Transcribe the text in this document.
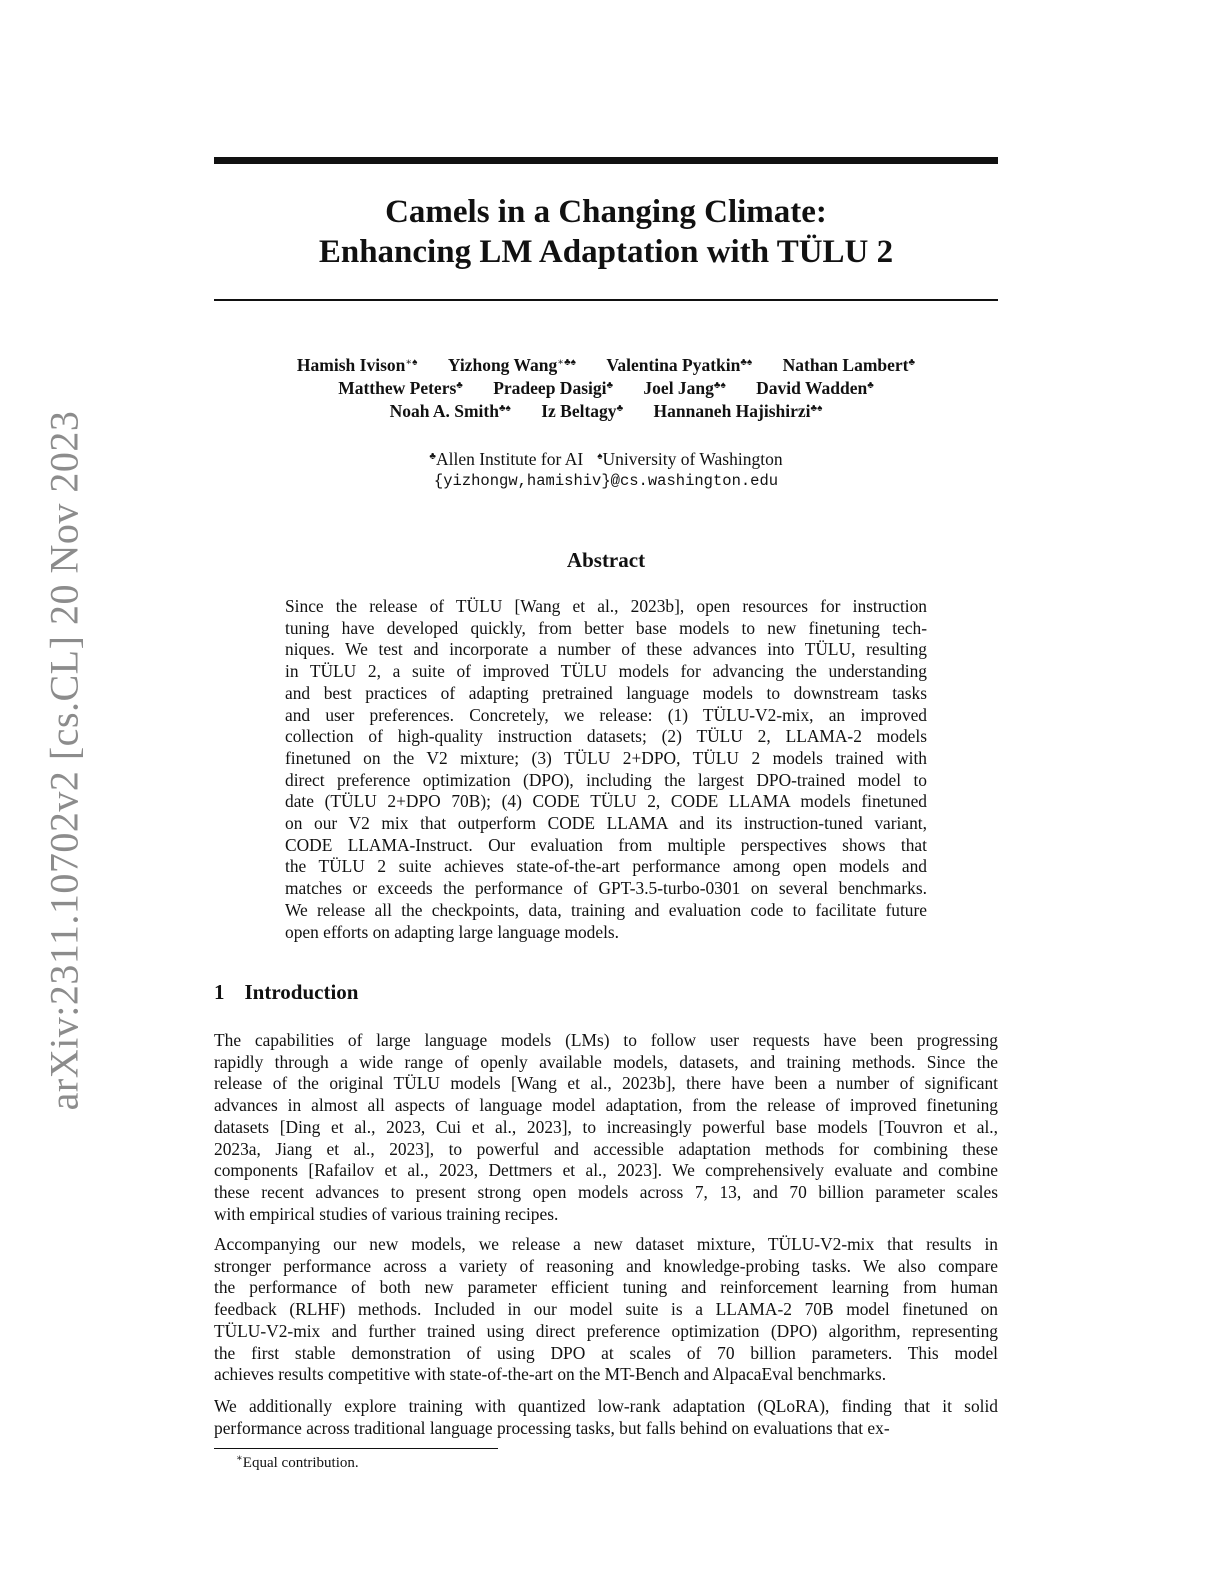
arXiv:2311.10702v2 [cs.CL] 20 Nov 2023
Camels in a Changing Climate:
Enhancing LM Adaptation with TÜLU 2
Hamish Ivison∗♠ Yizhong Wang∗♣♠ Valentina Pyatkin♣♠ Nathan Lambert♣
Matthew Peters♣ Pradeep Dasigi♣ Joel Jang♣♠ David Wadden♣
Noah A. Smith♣♠ Iz Beltagy♣ Hannaneh Hajishirzi♣♠
♣Allen Institute for AI ♠University of Washington
{yizhongw,hamishiv}@cs.washington.edu
Abstract
Since the release of TÜLU [Wang et al., 2023b], open resources for instruction
tuning have developed quickly, from better base models to new finetuning tech-
niques. We test and incorporate a number of these advances into TÜLU, resulting
in TÜLU 2, a suite of improved TÜLU models for advancing the understanding
and best practices of adapting pretrained language models to downstream tasks
and user preferences. Concretely, we release: (1) TÜLU-V2-mix, an improved
collection of high-quality instruction datasets; (2) TÜLU 2, LLAMA-2 models
finetuned on the V2 mixture; (3) TÜLU 2+DPO, TÜLU 2 models trained with
direct preference optimization (DPO), including the largest DPO-trained model to
date (TÜLU 2+DPO 70B); (4) CODE TÜLU 2, CODE LLAMA models finetuned
on our V2 mix that outperform CODE LLAMA and its instruction-tuned variant,
CODE LLAMA-Instruct. Our evaluation from multiple perspectives shows that
the TÜLU 2 suite achieves state-of-the-art performance among open models and
matches or exceeds the performance of GPT-3.5-turbo-0301 on several benchmarks.
We release all the checkpoints, data, training and evaluation code to facilitate future
open efforts on adapting large language models.
1 Introduction
The capabilities of large language models (LMs) to follow user requests have been progressing
rapidly through a wide range of openly available models, datasets, and training methods. Since the
release of the original TÜLU models [Wang et al., 2023b], there have been a number of significant
advances in almost all aspects of language model adaptation, from the release of improved finetuning
datasets [Ding et al., 2023, Cui et al., 2023], to increasingly powerful base models [Touvron et al.,
2023a, Jiang et al., 2023], to powerful and accessible adaptation methods for combining these
components [Rafailov et al., 2023, Dettmers et al., 2023]. We comprehensively evaluate and combine
these recent advances to present strong open models across 7, 13, and 70 billion parameter scales
with empirical studies of various training recipes.
Accompanying our new models, we release a new dataset mixture, TÜLU-V2-mix that results in
stronger performance across a variety of reasoning and knowledge-probing tasks. We also compare
the performance of both new parameter efficient tuning and reinforcement learning from human
feedback (RLHF) methods. Included in our model suite is a LLAMA-2 70B model finetuned on
TÜLU-V2-mix and further trained using direct preference optimization (DPO) algorithm, representing
the first stable demonstration of using DPO at scales of 70 billion parameters. This model
achieves results competitive with state-of-the-art on the MT-Bench and AlpacaEval benchmarks.
We additionally explore training with quantized low-rank adaptation (QLoRA), finding that it solid
performance across traditional language processing tasks, but falls behind on evaluations that ex-
∗Equal contribution.
